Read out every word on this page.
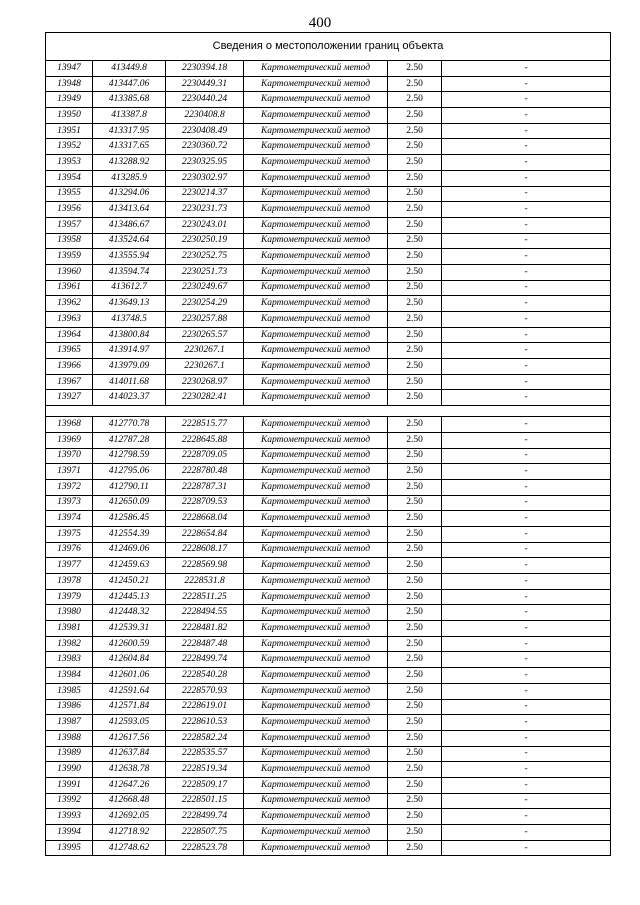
400
Сведения о местоположении границ объекта					
13947	413449.8	2230394.18	Картометрический метод	2.50	-
13948	413447.06	2230449.31	Картометрический метод	2.50	-
13949	413385.68	2230440.24	Картометрический метод	2.50	-
13950	413387.8	2230408.8	Картометрический метод	2.50	-
13951	413317.95	2230408.49	Картометрический метод	2.50	-
13952	413317.65	2230360.72	Картометрический метод	2.50	-
13953	413288.92	2230325.95	Картометрический метод	2.50	-
13954	413285.9	2230302.97	Картометрический метод	2.50	-
13955	413294.06	2230214.37	Картометрический метод	2.50	-
13956	413413.64	2230231.73	Картометрический метод	2.50	-
13957	413486.67	2230243.01	Картометрический метод	2.50	-
13958	413524.64	2230250.19	Картометрический метод	2.50	-
13959	413555.94	2230252.75	Картометрический метод	2.50	-
13960	413594.74	2230251.73	Картометрический метод	2.50	-
13961	413612.7	2230249.67	Картометрический метод	2.50	-
13962	413649.13	2230254.29	Картометрический метод	2.50	-
13963	413748.5	2230257.88	Картометрический метод	2.50	-
13964	413800.84	2230265.57	Картометрический метод	2.50	-
13965	413914.97	2230267.1	Картометрический метод	2.50	-
13966	413979.09	2230267.1	Картометрический метод	2.50	-
13967	414011.68	2230268.97	Картометрический метод	2.50	-
13927	414023.37	2230282.41	Картометрический метод	2.50	-

13968	412770.78	2228515.77	Картометрический метод	2.50	-
13969	412787.28	2228645.88	Картометрический метод	2.50	-
13970	412798.59	2228709.05	Картометрический метод	2.50	-
13971	412795.06	2228780.48	Картометрический метод	2.50	-
13972	412790.11	2228787.31	Картометрический метод	2.50	-
13973	412650.09	2228709.53	Картометрический метод	2.50	-
13974	412586.45	2228668.04	Картометрический метод	2.50	-
13975	412554.39	2228654.84	Картометрический метод	2.50	-
13976	412469.06	2228608.17	Картометрический метод	2.50	-
13977	412459.63	2228569.98	Картометрический метод	2.50	-
13978	412450.21	2228531.8	Картометрический метод	2.50	-
13979	412445.13	2228511.25	Картометрический метод	2.50	-
13980	412448.32	2228494.55	Картометрический метод	2.50	-
13981	412539.31	2228481.82	Картометрический метод	2.50	-
13982	412600.59	2228487.48	Картометрический метод	2.50	-
13983	412604.84	2228499.74	Картометрический метод	2.50	-
13984	412601.06	2228540.28	Картометрический метод	2.50	-
13985	412591.64	2228570.93	Картометрический метод	2.50	-
13986	412571.84	2228619.01	Картометрический метод	2.50	-
13987	412593.05	2228610.53	Картометрический метод	2.50	-
13988	412617.56	2228582.24	Картометрический метод	2.50	-
13989	412637.84	2228535.57	Картометрический метод	2.50	-
13990	412638.78	2228519.34	Картометрический метод	2.50	-
13991	412647.26	2228509.17	Картометрический метод	2.50	-
13992	412668.48	2228501.15	Картометрический метод	2.50	-
13993	412692.05	2228499.74	Картометрический метод	2.50	-
13994	412718.92	2228507.75	Картометрический метод	2.50	-
13995	412748.62	2228523.78	Картометрический метод	2.50	-
